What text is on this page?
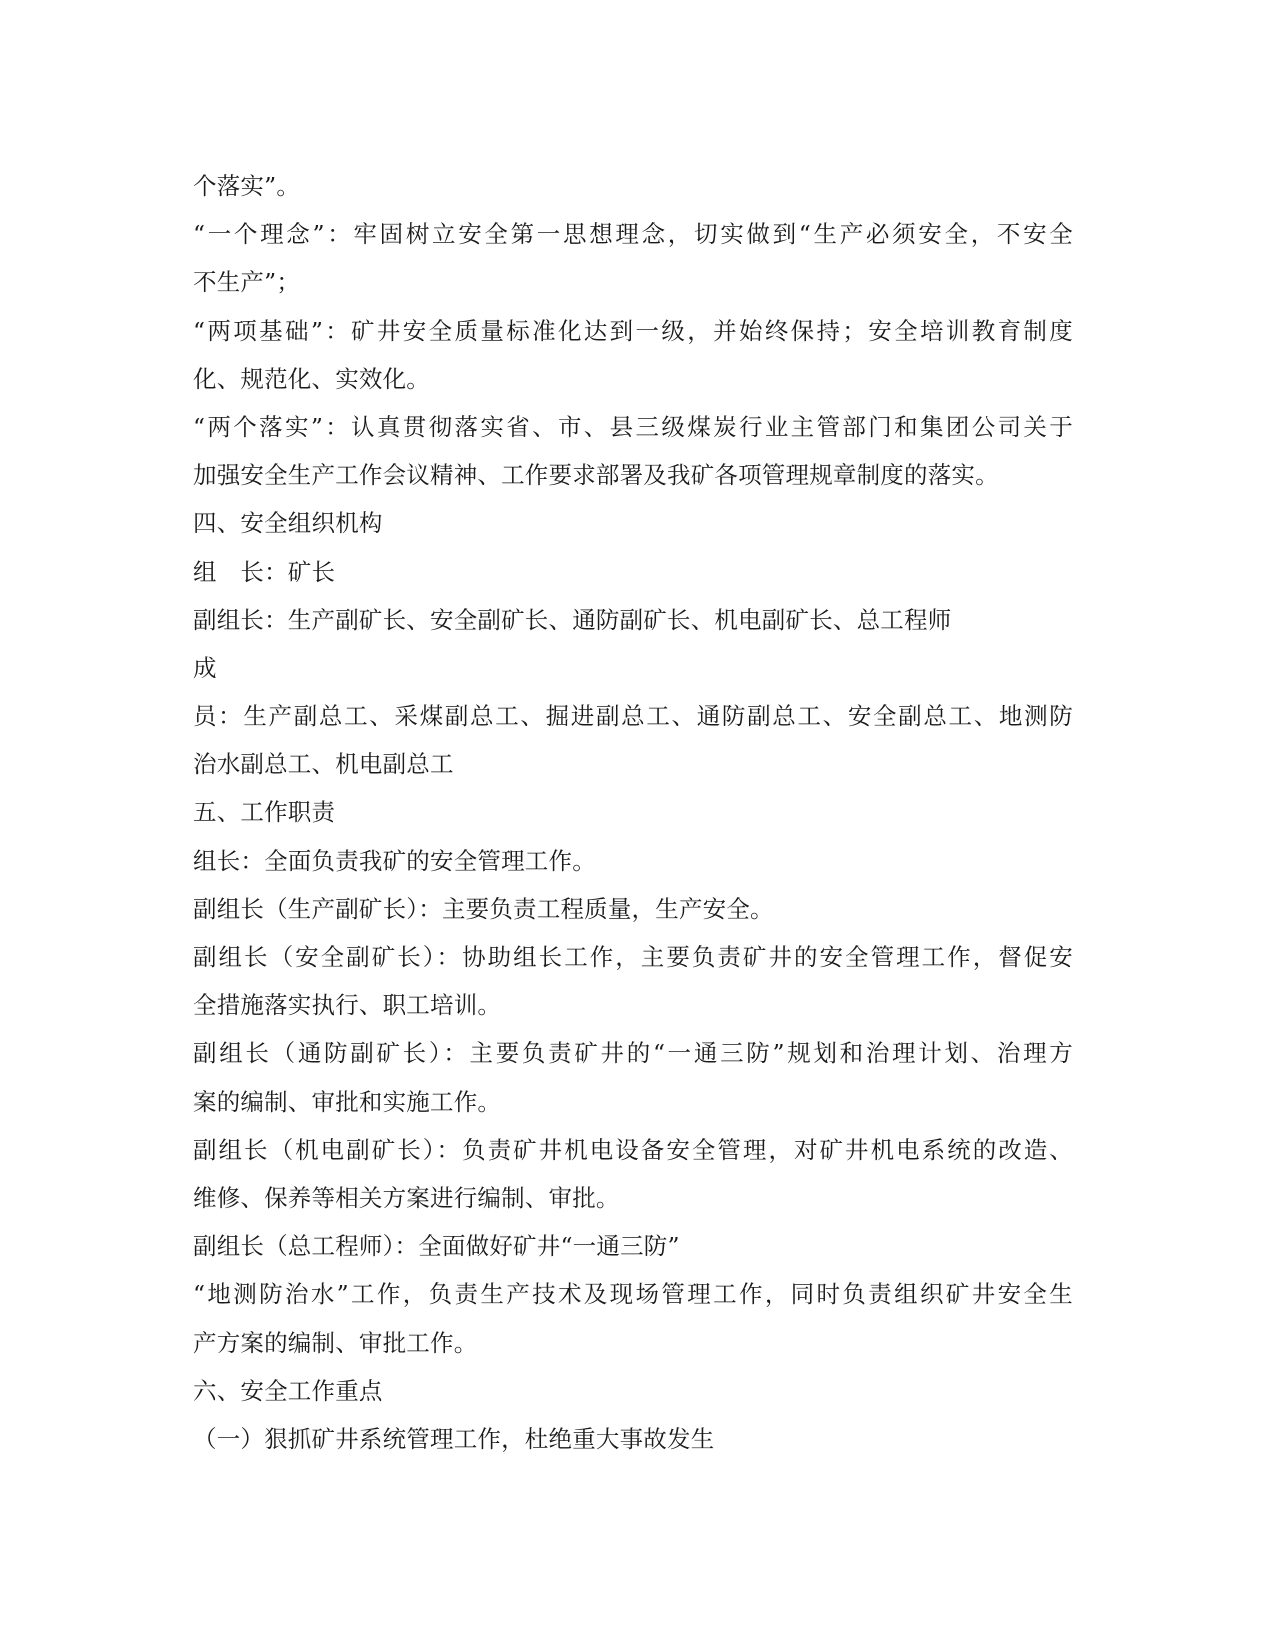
个落实”。
“一个理念”：牢固树立安全第一思想理念，切实做到“生产必须安全，不安全
不生产”；
“两项基础”：矿井安全质量标准化达到一级，并始终保持；安全培训教育制度
化、规范化、实效化。
“两个落实”：认真贯彻落实省、市、县三级煤炭行业主管部门和集团公司关于
加强安全生产工作会议精神、工作要求部署及我矿各项管理规章制度的落实。
四、安全组织机构
组　长：矿长
副组长：生产副矿长、安全副矿长、通防副矿长、机电副矿长、总工程师
成
员：生产副总工、采煤副总工、掘进副总工、通防副总工、安全副总工、地测防
治水副总工、机电副总工
五、工作职责
组长：全面负责我矿的安全管理工作。
副组长（生产副矿长）：主要负责工程质量，生产安全。
副组长（安全副矿长）：协助组长工作，主要负责矿井的安全管理工作，督促安
全措施落实执行、职工培训。
副组长（通防副矿长）：主要负责矿井的“一通三防”规划和治理计划、治理方
案的编制、审批和实施工作。
副组长（机电副矿长）：负责矿井机电设备安全管理，对矿井机电系统的改造、
维修、保养等相关方案进行编制、审批。
副组长（总工程师）：全面做好矿井“一通三防”
“地测防治水”工作，负责生产技术及现场管理工作，同时负责组织矿井安全生
产方案的编制、审批工作。
六、安全工作重点
（一）狠抓矿井系统管理工作，杜绝重大事故发生
